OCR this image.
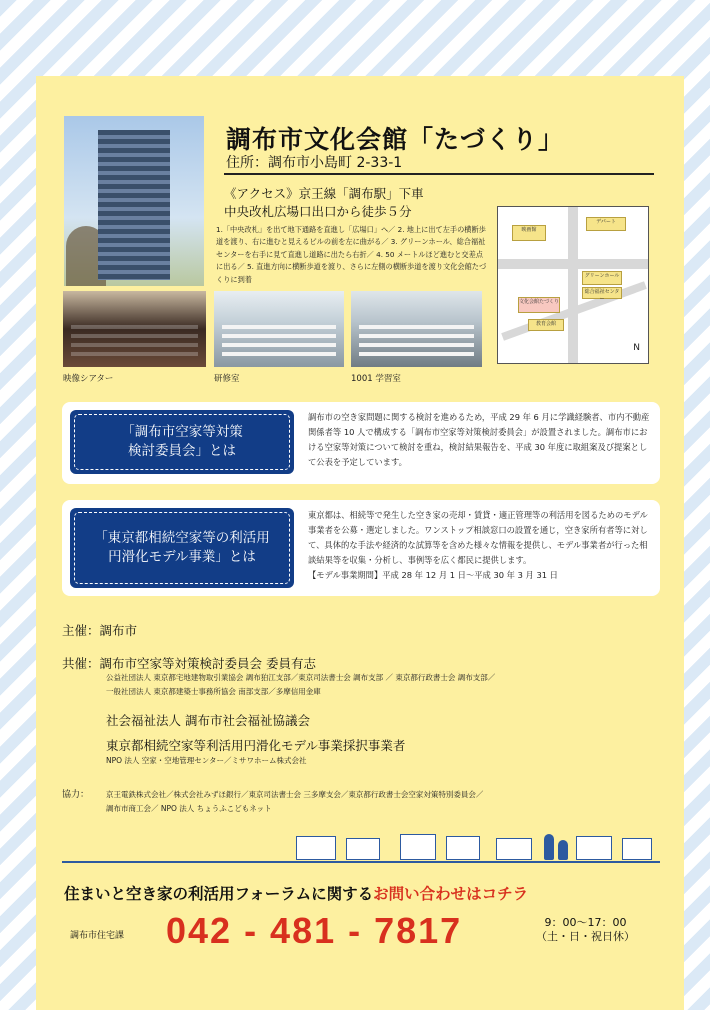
調布市文化会館「たづくり」
住所：調布市小島町 2-33-1
《アクセス》京王線「調布駅」下車
中央改札広場口出口から徒歩５分
1.「中央改札」を出て地下通路を直進し「広場口」へ／ 2. 地上に出て左手の横断歩道を渡り、右に進むと見えるビルの前を左に曲がる／ 3. グリーンホール、総合福祉センターを右手に見て直進し道路に出たら右折／ 4. 50 メートルほど進むと交差点に出る／ 5. 直進方向に横断歩道を渡り、さらに左側の横断歩道を渡り文化会館たづくりに到着
映画館
デパート
グリーンホール
総合福祉センター
文化会館たづくり
教育会館
N
映像シアター	研修室	1001 学習室
「調布市空家等対策
検討委員会」とは
調布市の空き家問題に関する検討を進めるため，平成 29 年 6 月に学識経験者、市内不動産関係者等 10 人で構成する「調布市空家等対策検討委員会」が設置されました。調布市における空家等対策について検討を重ね，検討結果報告を、平成 30 年度に取組案及び提案として公表を予定しています。
「東京都相続空家等の利活用
円滑化モデル事業」とは
東京都は、相続等で発生した空き家の売却・賃貸・適正管理等の利活用を図るためのモデル事業者を公募・選定しました。ワンストップ相談窓口の設置を通じ，空き家所有者等に対して、具体的な手法や経済的な試算等を含めた様々な情報を提供し、モデル事業者が行った相談結果等を収集・分析し、事例等を広く都民に提供します。
【モデル事業期間】平成 28 年 12 月 1 日〜平成 30 年 3 月 31 日
主催：調布市
共催：調布市空家等対策検討委員会 委員有志
公益社団法人 東京都宅地建物取引業協会 調布狛江支部／東京司法書士会 調布支部 ／ 東京都行政書士会 調布支部／
一般社団法人 東京都建築士事務所協会 南部支部／多摩信用金庫
社会福祉法人 調布市社会福祉協議会
東京都相続空家等利活用円滑化モデル事業採択事業者
NPO 法人 空家・空地管理センター／ミサワホーム株式会社
協力： 京王電鉄株式会社／株式会社みずほ銀行／東京司法書士会 三多摩支会／東京都行政書士会空家対策特別委員会／
調布市商工会／ NPO 法人 ちょうふこどもネット
住まいと空き家の利活用フォーラムに関するお問い合わせはコチラ
調布市住宅課 042 - 481 - 7817	9：00〜17：00
（土・日・祝日休）
